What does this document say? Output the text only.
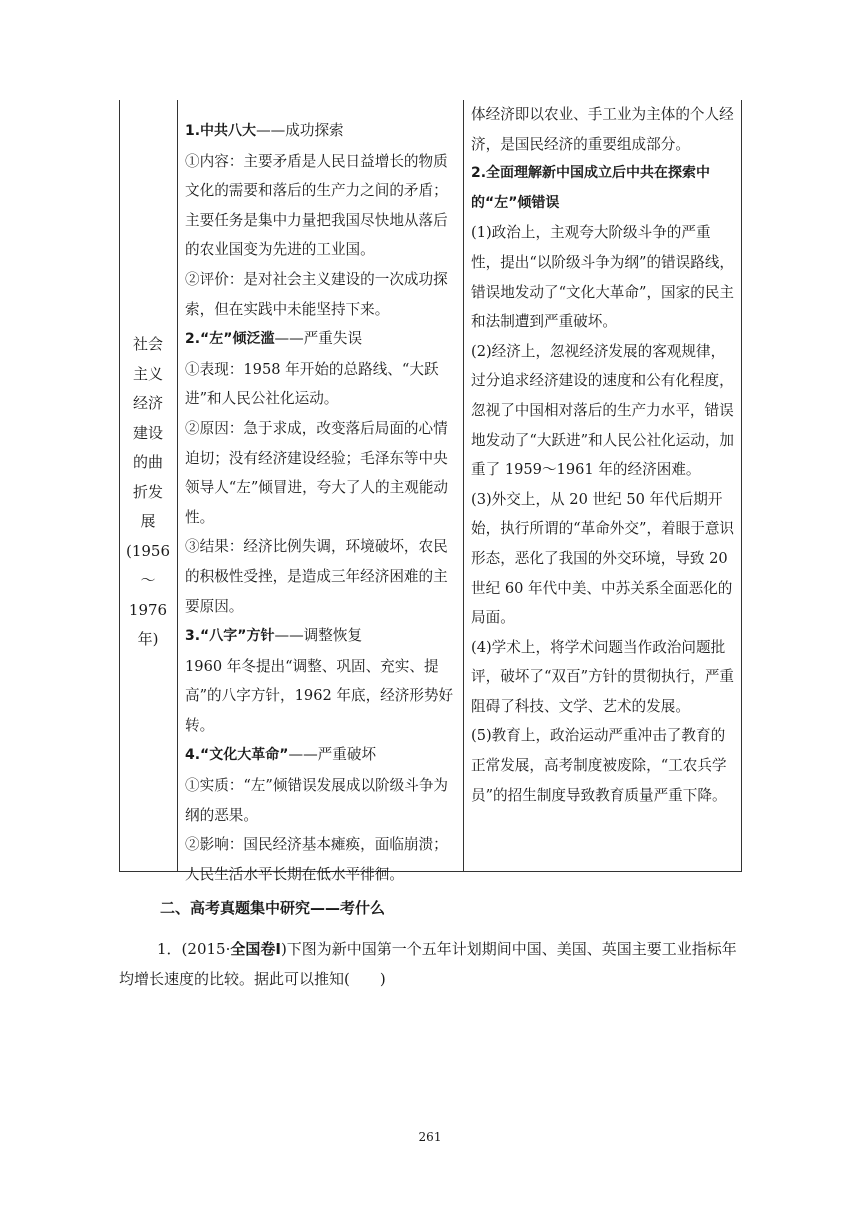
社会
主义
经济
建设
的曲
折发
展
(1956
～
1976
年)

1.中共八大——成功探索

①内容：主要矛盾是人民日益增长的物质文化的需要和落后的生产力之间的矛盾；主要任务是集中力量把我国尽快地从落后的农业国变为先进的工业国。

②评价：是对社会主义建设的一次成功探索，但在实践中未能坚持下来。

2.“左”倾泛滥——严重失误

①表现：1958 年开始的总路线、“大跃进”和人民公社化运动。

②原因：急于求成，改变落后局面的心情迫切；没有经济建设经验；毛泽东等中央领导人“左”倾冒进，夸大了人的主观能动性。

③结果：经济比例失调，环境破坏，农民的积极性受挫，是造成三年经济困难的主要原因。

3.“八字”方针——调整恢复

1960 年冬提出“调整、巩固、充实、提高”的八字方针，1962 年底，经济形势好转。

4.“文化大革命”——严重破坏

①实质：“左”倾错误发展成以阶级斗争为纲的恶果。

②影响：国民经济基本瘫痪，面临崩溃；人民生活水平长期在低水平徘徊。

体经济即以农业、手工业为主体的个人经济，是国民经济的重要组成部分。

2.全面理解新中国成立后中共在探索中的“左”倾错误

(1)政治上，主观夸大阶级斗争的严重性，提出“以阶级斗争为纲”的错误路线，错误地发动了“文化大革命”，国家的民主和法制遭到严重破坏。

(2)经济上，忽视经济发展的客观规律，过分追求经济建设的速度和公有化程度，忽视了中国相对落后的生产力水平，错误地发动了“大跃进”和人民公社化运动，加重了 1959～1961 年的经济困难。

(3)外交上，从 20 世纪 50 年代后期开始，执行所谓的“革命外交”，着眼于意识形态，恶化了我国的外交环境，导致 20 世纪 60 年代中美、中苏关系全面恶化的局面。

(4)学术上，将学术问题当作政治问题批评，破坏了“双百”方针的贯彻执行，严重阻碍了科技、文学、艺术的发展。

(5)教育上，政治运动严重冲击了教育的正常发展，高考制度被废除，“工农兵学员”的招生制度导致教育质量严重下降。

二、高考真题集中研究——考什么

1．(2015·全国卷Ⅰ)下图为新中国第一个五年计划期间中国、美国、英国主要工业指标年均增长速度的比较。据此可以推知(　　)

261
